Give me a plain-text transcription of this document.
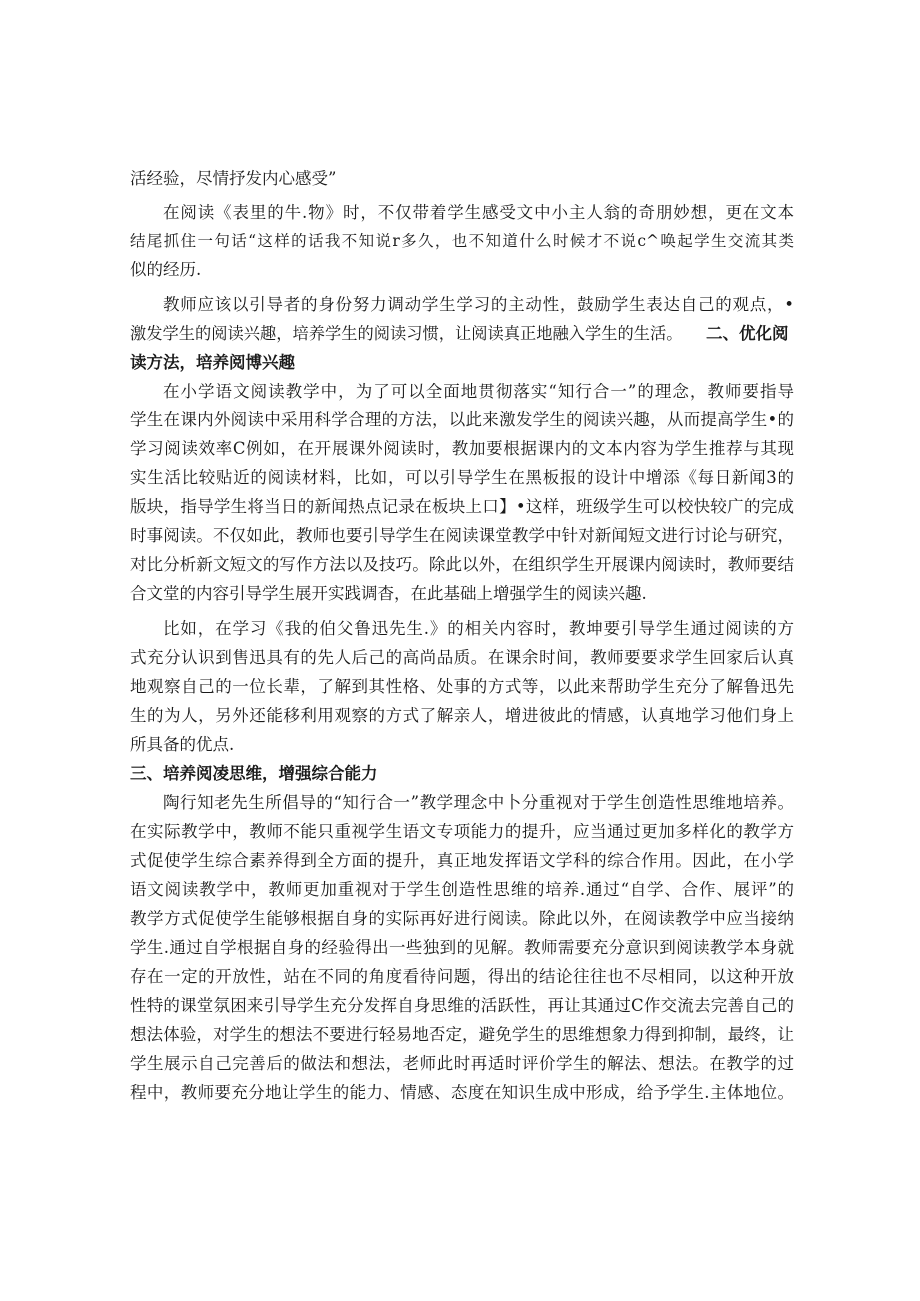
活经验，尽情抒发内心感受”
在阅读《表里的牛.物》时，不仅带着学生感受文中小主人翁的奇朋妙想，更在文本
结尾抓住一句话“这样的话我不知说r多久，也不知道什么时候才不说c^唤起学生交流其类
似的经历.
教师应该以引导者的身份努力调动学生学习的主动性，鼓励学生表达自己的观点，•
激发学生的阅读兴趣，培养学生的阅读习惯，让阅读真正地融入学生的生活。	二、优化阅
读方法，培养阅博兴趣
在小学语文阅读教学中，为了可以全面地贯彻落实“知行合一”的理念，教师要指导
学生在课内外阅读中采用科学合理的方法，以此来激发学生的阅读兴趣，从而提高学生•的
学习阅读效率C例如，在开展课外阅读时，教加要根据课内的文本内容为学生推荐与其现
实生活比较贴近的阅读材料，比如，可以引导学生在黑板报的设计中增添《每日新闻3的
版块，指导学生将当日的新闻热点记录在板块上口】•这样，班级学生可以校快较广的完成
时事阅读。不仅如此，教师也要引导学生在阅读课堂教学中针对新闻短文进行讨论与研究，
对比分析新文短文的写作方法以及技巧。除此以外，在组织学生开展课内阅读时，教师要结
合文堂的内容引导学生展开实践调杳，在此基础上增强学生的阅读兴趣.
比如，在学习《我的伯父鲁迅先生.》的相关内容时，教坤要引导学生通过阅读的方
式充分认识到售迅具有的先人后己的高尚品质。在课余时间，教师要要求学生回家后认真
地观察自己的一位长辈，了解到其性格、处事的方式等，以此来帮助学生充分了解鲁迅先
生的为人，另外还能移利用观察的方式了解亲人，增进彼此的情感，认真地学习他们身上
所具备的优点.
三、培养阅凌思维，增强综合能力
陶行知老先生所倡导的“知行合一”教学理念中卜分重视对于学生创造性思维地培养。
在实际教学中，教师不能只重视学生语文专项能力的提升，应当通过更加多样化的教学方
式促使学生综合素养得到全方面的提升，真正地发挥语文学科的综合作用。因此，在小学
语文阅读教学中，教师更加重视对于学生创造性思维的培养.通过“自学、合作、展评”的
教学方式促使学生能够根据自身的实际再好进行阅读。除此以外，在阅读教学中应当接纳
学生.通过自学根据自身的经验得出一些独到的见解。教师需要充分意识到阅读教学本身就
存在一定的开放性，站在不同的角度看待问题，得出的结论往往也不尽相同，以这种开放
性特的课堂氛困来引导学生充分发挥自身思维的活跃性，再让其通过C作交流去完善自己的
想法体验，对学生的想法不要进行轻易地否定，避免学生的思维想象力得到抑制，最终，让
学生展示自己完善后的做法和想法，老师此时再适时评价学生的解法、想法。在教学的过
程中，教师要充分地让学生的能力、情感、态度在知识生成中形成，给予学生.主体地位。
